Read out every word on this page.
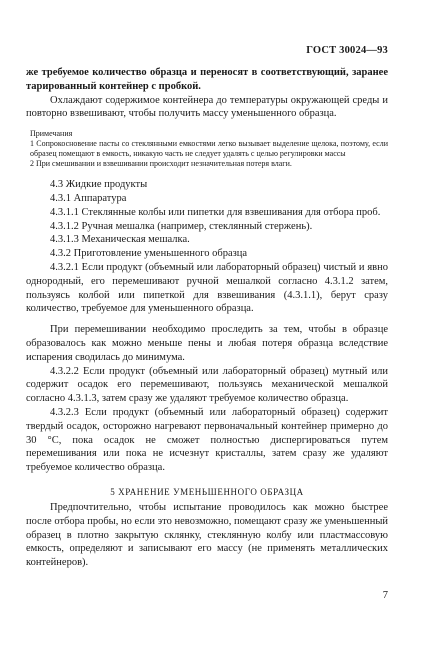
ГОСТ 30024—93

же требуемое количество образца и переносят в соответствующий, заранее тарированный контейнер с пробкой.

Охлаждают содержимое контейнера до температуры окружающей среды и повторно взвешивают, чтобы получить массу уменьшенного образца.

Примечания

1 Сопрокосновение пасты со стеклянными емкостями легко вызывает выделение щелока, поэтому, если образец помещают в емкость, никакую часть не следует удалять с целью регулировки массы

2 При смешивании и взвешивании происходит незначительная потеря влаги.

4.3 Жидкие продукты

4.3.1 Аппаратура

4.3.1.1 Стеклянные колбы или пипетки для взвешивания для отбора проб.

4.3.1.2 Ручная мешалка (например, стеклянный стержень).

4.3.1.3 Механическая мешалка.

4.3.2 Приготовление уменьшенного образца

4.3.2.1 Если продукт (объемный или лабораторный образец) чистый и явно однородный, его перемешивают ручной мешалкой согласно 4.3.1.2 затем, пользуясь колбой или пипеткой для взвешивания (4.3.1.1), берут сразу количество, требуемое для уменьшенного образца.

При перемешивании необходимо проследить за тем, чтобы в образце образовалось как можно меньше пены и любая потеря образца вследствие испарения сводилась до минимума.

4.3.2.2 Если продукт (объемный или лабораторный образец) мутный или содержит осадок его перемешивают, пользуясь механической мешалкой согласно 4.3.1.3, затем сразу же удаляют требуемое количество образца.

4.3.2.3 Если продукт (объемный или лабораторный образец) содержит твердый осадок, осторожно нагревают первоначальный контейнер примерно до 30 °С, пока осадок не сможет полностью диспергироваться путем перемешивания или пока не исчезнут кристаллы, затем сразу же удаляют требуемое количество образца.

5 ХРАНЕНИЕ УМЕНЬШЕННОГО ОБРАЗЦА

Предпочтительно, чтобы испытание проводилось как можно быстрее после отбора пробы, но если это невозможно, помещают сразу же уменьшенный образец в плотно закрытую склянку, стеклянную колбу или пластмассовую емкость, определяют и записывают его массу (не применять металлических контейнеров).

7
